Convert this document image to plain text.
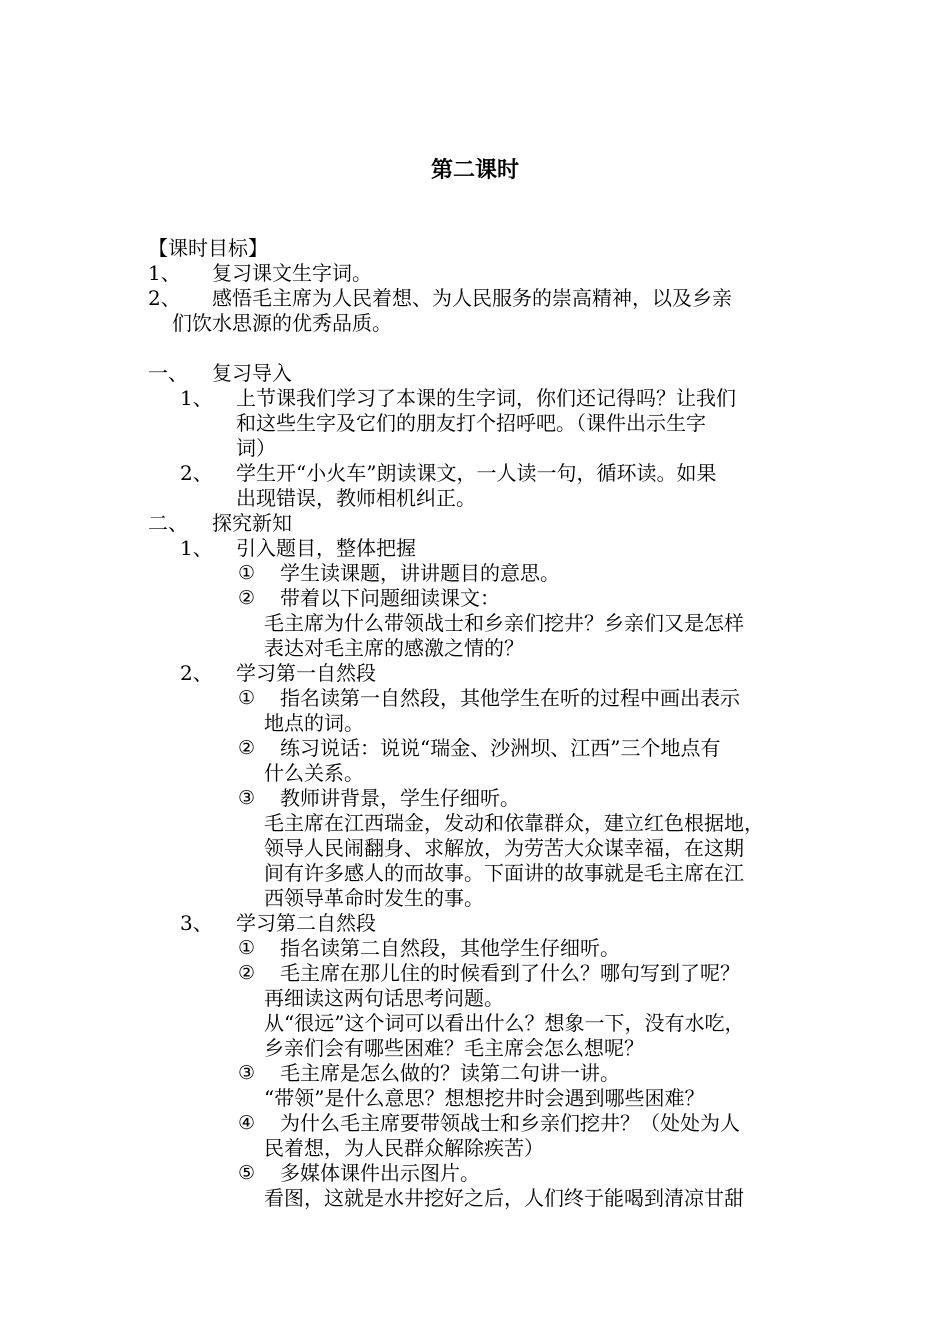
第二课时
【课时目标】
1、 复习课文生字词。
2、 感悟毛主席为人民着想、为人民服务的崇高精神，以及乡亲
们饮水思源的优秀品质。
一、 复习导入
1、 上节课我们学习了本课的生字词，你们还记得吗？让我们
和这些生字及它们的朋友打个招呼吧。（课件出示生字
词）
2、 学生开“小火车”朗读课文，一人读一句，循环读。如果
出现错误，教师相机纠正。
二、 探究新知
1、 引入题目，整体把握
① 学生读课题，讲讲题目的意思。
② 带着以下问题细读课文：
毛主席为什么带领战士和乡亲们挖井？乡亲们又是怎样
表达对毛主席的感激之情的？
2、 学习第一自然段
① 指名读第一自然段，其他学生在听的过程中画出表示
地点的词。
② 练习说话：说说“瑞金、沙洲坝、江西”三个地点有
什么关系。
③ 教师讲背景，学生仔细听。
毛主席在江西瑞金，发动和依靠群众，建立红色根据地，
领导人民闹翻身、求解放，为劳苦大众谋幸福，在这期
间有许多感人的而故事。下面讲的故事就是毛主席在江
西领导革命时发生的事。
3、 学习第二自然段
① 指名读第二自然段，其他学生仔细听。
② 毛主席在那儿住的时候看到了什么？哪句写到了呢？
再细读这两句话思考问题。
从“很远”这个词可以看出什么？想象一下，没有水吃，
乡亲们会有哪些困难？毛主席会怎么想呢？
③ 毛主席是怎么做的？读第二句讲一讲。
“带领”是什么意思？想想挖井时会遇到哪些困难？
④ 为什么毛主席要带领战士和乡亲们挖井？（处处为人
民着想，为人民群众解除疾苦）
⑤ 多媒体课件出示图片。
看图，这就是水井挖好之后，人们终于能喝到清凉甘甜
